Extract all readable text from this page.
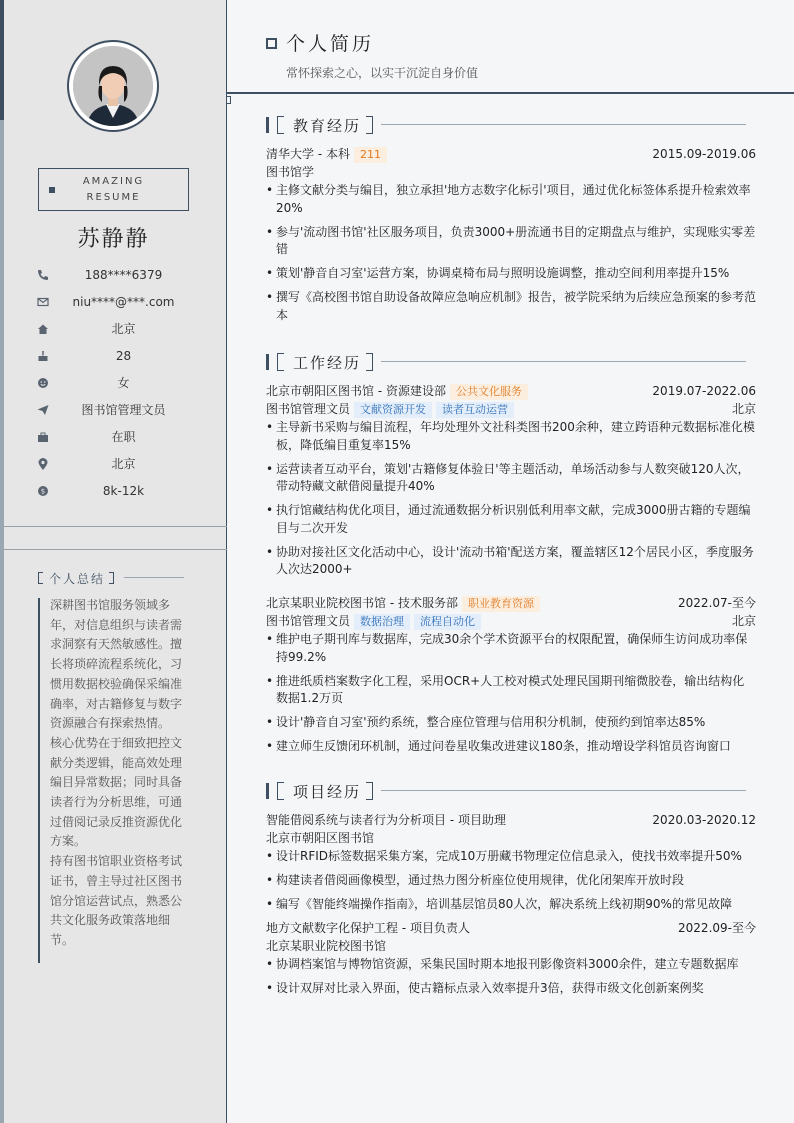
AMAZING
RESUME
苏静静
188****6379
niu****@***.com
北京
28
女
图书馆管理文员
在职
北京
$	8k-12k
个人总结
深耕图书馆服务领域多年，对信息组织与读者需求洞察有天然敏感性。擅长将琐碎流程系统化，习惯用数据校验确保采编准确率，对古籍修复与数字资源融合有探索热情。
核心优势在于细致把控文献分类逻辑，能高效处理编目异常数据；同时具备读者行为分析思维，可通过借阅记录反推资源优化方案。
持有图书馆职业资格考试证书，曾主导过社区图书馆分馆运营试点，熟悉公共文化服务政策落地细节。
个人简历
常怀探索之心，以实干沉淀自身价值
教育经历
清华大学 - 本科 211	2015.09-2019.06
图书馆学
• 主修文献分类与编目，独立承担'地方志数字化标引'项目，通过优化标签体系提升检索效率20%
• 参与'流动图书馆'社区服务项目，负责3000+册流通书目的定期盘点与维护，实现账实零差错
• 策划'静音自习室'运营方案，协调桌椅布局与照明设施调整，推动空间利用率提升15%
• 撰写《高校图书馆自助设备故障应急响应机制》报告，被学院采纳为后续应急预案的参考范本
工作经历
北京市朝阳区图书馆 - 资源建设部 公共文化服务	2019.07-2022.06
图书馆管理文员 文献资源开发 读者互动运营	北京
• 主导新书采购与编目流程，年均处理外文社科类图书200余种，建立跨语种元数据标准化模板，降低编目重复率15%
• 运营读者互动平台，策划'古籍修复体验日'等主题活动，单场活动参与人数突破120人次，带动特藏文献借阅量提升40%
• 执行馆藏结构优化项目，通过流通数据分析识别低利用率文献，完成3000册古籍的专题编目与二次开发
• 协助对接社区文化活动中心，设计'流动书箱'配送方案，覆盖辖区12个居民小区，季度服务人次达2000+
北京某职业院校图书馆 - 技术服务部 职业教育资源	2022.07-至今
图书馆管理文员 数据治理 流程自动化	北京
• 维护电子期刊库与数据库，完成30余个学术资源平台的权限配置，确保师生访问成功率保持99.2%
• 推进纸质档案数字化工程，采用OCR+人工校对模式处理民国期刊缩微胶卷，输出结构化数据1.2万页
• 设计'静音自习室'预约系统，整合座位管理与信用积分机制，使预约到馆率达85%
• 建立师生反馈闭环机制，通过问卷星收集改进建议180条，推动增设学科馆员咨询窗口
项目经历
智能借阅系统与读者行为分析项目 - 项目助理	2020.03-2020.12
北京市朝阳区图书馆
• 设计RFID标签数据采集方案，完成10万册藏书物理定位信息录入，使找书效率提升50%
• 构建读者借阅画像模型，通过热力图分析座位使用规律，优化闭架库开放时段
• 编写《智能终端操作指南》，培训基层馆员80人次，解决系统上线初期90%的常见故障
地方文献数字化保护工程 - 项目负责人	2022.09-至今
北京某职业院校图书馆
• 协调档案馆与博物馆资源，采集民国时期本地报刊影像资料3000余件，建立专题数据库
• 设计双屏对比录入界面，使古籍标点录入效率提升3倍，获得市级文化创新案例奖
